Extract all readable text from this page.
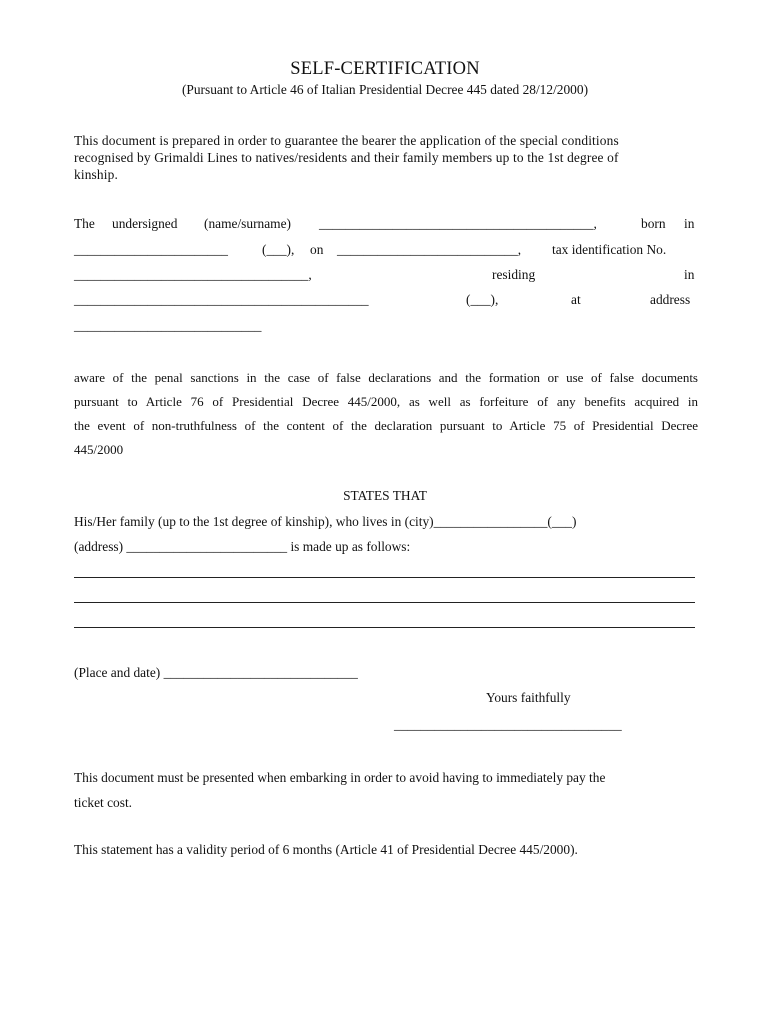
SELF-CERTIFICATION
(Pursuant to Article 46 of Italian Presidential Decree 445 dated 28/12/2000)
This document is prepared in order to guarantee the bearer the application of the special conditions
recognised by Grimaldi Lines to natives/residents and their family members up to the 1st degree of
kinship.
The undersigned (name/surname) _________________________________________,	born in
_______________________	(___), on ___________________________, tax identification No.
___________________________________,	residing	in
____________________________________________	(___),	at	address
____________________________
aware of the penal sanctions in the case of false declarations and the formation or use of false documents
pursuant to Article 76 of Presidential Decree 445/2000, as well as forfeiture of any benefits acquired in
the event of non-truthfulness of the content of the declaration pursuant to Article 75 of Presidential Decree
445/2000
STATES THAT
His/Her family (up to the 1st degree of kinship), who lives in (city)_________________(___)
(address) ________________________ is made up as follows:
(Place and date) _____________________________
Yours faithfully
__________________________________
This document must be presented when embarking in order to avoid having to immediately pay the
ticket cost.
This statement has a validity period of 6 months (Article 41 of Presidential Decree 445/2000).
